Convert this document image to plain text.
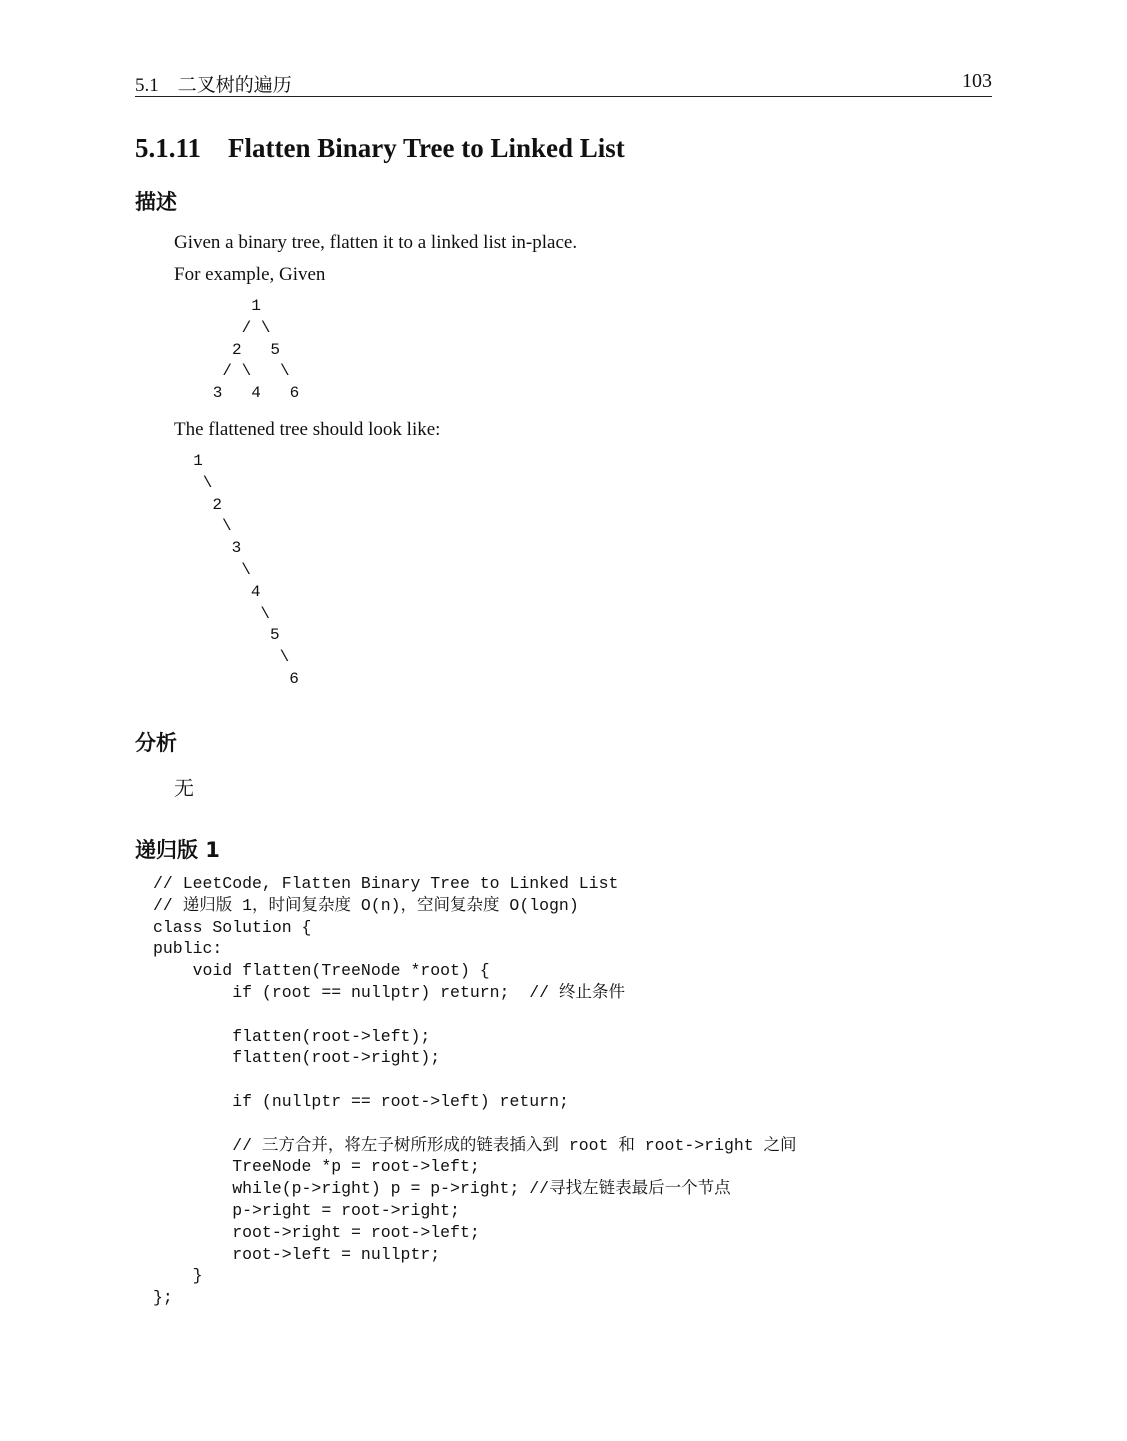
5.1　二叉树的遍历	103
5.1.11    Flatten Binary Tree to Linked List
描述
Given a binary tree, flatten it to a linked list in-place.
For example, Given
1
/ \
2   5
/ \   \
3   4   6
The flattened tree should look like:
1
\
2
\
3
\
4
\
5
\
6
分析
无
递归版 1
// LeetCode, Flatten Binary Tree to Linked List
// 递归版 1，时间复杂度 O(n)，空间复杂度 O(logn)
class Solution {
public:
void flatten(TreeNode *root) {
if (root == nullptr) return;  // 终止条件

flatten(root->left);
flatten(root->right);

if (nullptr == root->left) return;

// 三方合并，将左子树所形成的链表插入到 root 和 root->right 之间
TreeNode *p = root->left;
while(p->right) p = p->right; //寻找左链表最后一个节点
p->right = root->right;
root->right = root->left;
root->left = nullptr;
}
};
